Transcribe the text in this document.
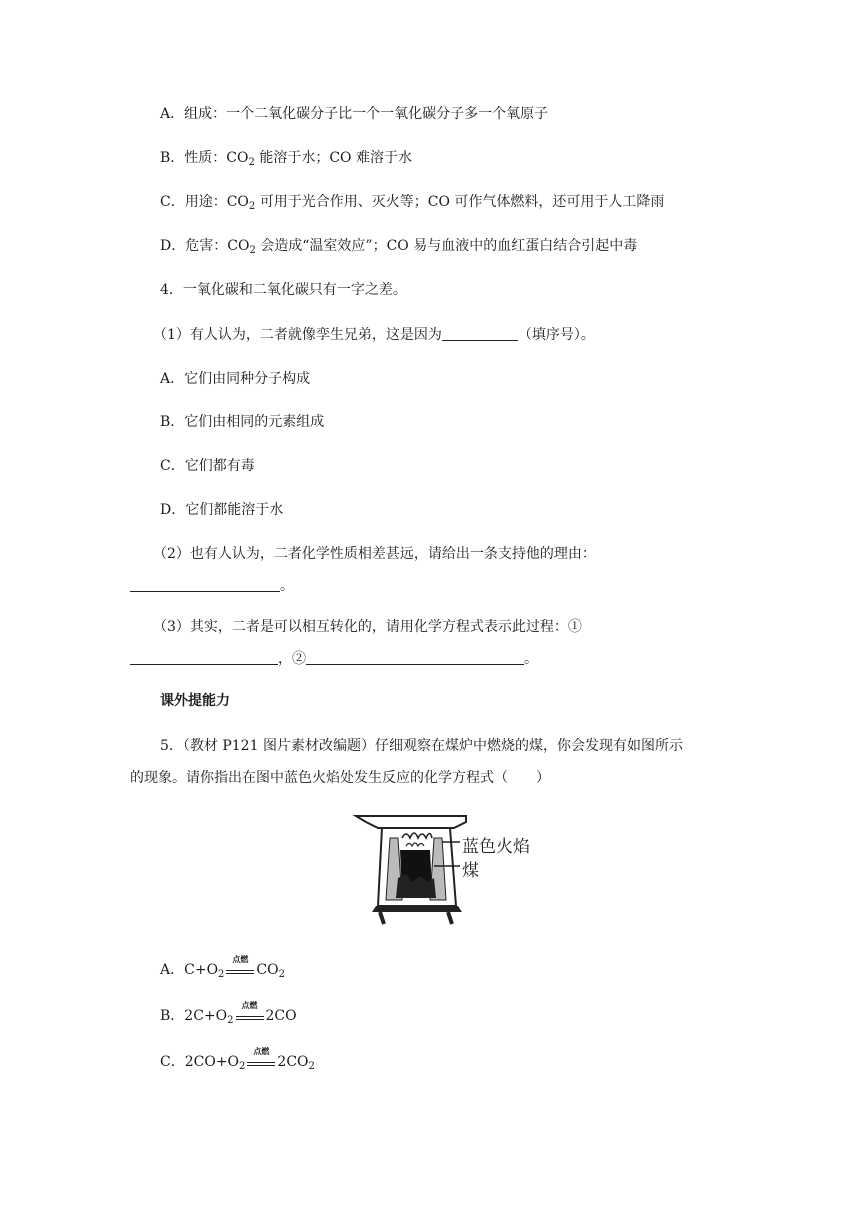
A．组成：一个二氧化碳分子比一个一氧化碳分子多一个氧原子
B．性质：$CO_2$ 能溶于水；CO 难溶于水
C．用途：$CO_2$ 可用于光合作用、灭火等；CO 可作气体燃料，还可用于人工降雨
D．危害：$CO_2$ 会造成“温室效应”；CO 易与血液中的血红蛋白结合引起中毒
4．一氧化碳和二氧化碳只有一字之差。
（1）有人认为，二者就像孪生兄弟，这是因为	（填序号）。
A．它们由同种分子构成
B．它们由相同的元素组成
C．它们都有毒
D．它们都能溶于水
（2）也有人认为，二者化学性质相差甚远，请给出一条支持他的理由：
。
（3）其实，二者是可以相互转化的，请用化学方程式表示此过程：①
，②	。
课外提能力
5．（教材 P121 图片素材改编题）仔细观察在煤炉中燃烧的煤，你会发现有如图所示
的现象。请你指出在图中蓝色火焰处发生反应的化学方程式（　　）
蓝色火焰
煤
A．$C+O_2$
点燃
$CO_2$
B．$2C+O_2$
点燃
2CO
C．$2CO+O_2$
点燃
$2CO_2$
